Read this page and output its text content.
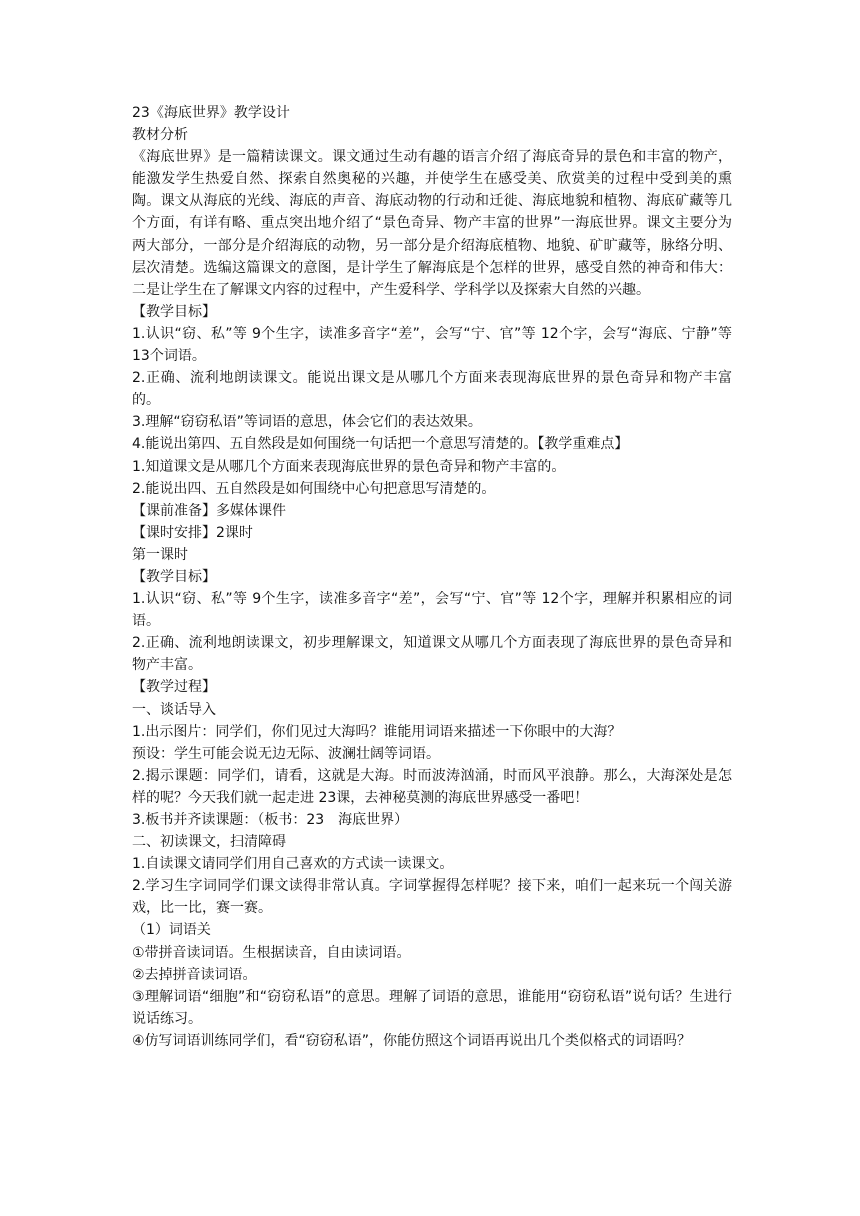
23《海底世界》教学设计

教材分析

《海底世界》是一篇精读课文。课文通过生动有趣的语言介绍了海底奇异的景色和丰富的物产，能激发学生热爱自然、探索自然奥秘的兴趣，并使学生在感受美、欣赏美的过程中受到美的熏陶。课文从海底的光线、海底的声音、海底动物的行动和迁徙、海底地貌和植物、海底矿藏等几个方面，有详有略、重点突出地介绍了“景色奇异、物产丰富的世界”一海底世界。课文主要分为两大部分，一部分是介绍海底的动物，另一部分是介绍海底植物、地貌、矿旷藏等，脉络分明、层次清楚。选编这篇课文的意图，是计学生了解海底是个怎样的世界，感受自然的神奇和伟大：二是让学生在了解课文内容的过程中，产生爱科学、学科学以及探索大自然的兴趣。

【教学目标】

1.认识“窃、私”等 9个生字，读准多音字“差”，会写“宁、官”等 12个字，会写“海底、宁静”等 13个词语。

2.正确、流利地朗读课文。能说出课文是从哪几个方面来表现海底世界的景色奇异和物产丰富的。

3.理解“窃窃私语”等词语的意思，体会它们的表达效果。

4.能说出第四、五自然段是如何围绕一句话把一个意思写清楚的。【教学重难点】

1.知道课文是从哪几个方面来表现海底世界的景色奇异和物产丰富的。

2.能说出四、五自然段是如何围绕中心句把意思写清楚的。

【课前准备】多媒体课件

【课时安排】2课时

第一课时

【教学目标】

1.认识“窃、私”等 9个生字，读准多音字“差”，会写“宁、官”等 12个字，理解并积累相应的词语。

2.正确、流利地朗读课文，初步理解课文，知道课文从哪几个方面表现了海底世界的景色奇异和物产丰富。

【教学过程】

一、谈话导入

1.出示图片：同学们，你们见过大海吗？谁能用词语来描述一下你眼中的大海？

预设：学生可能会说无边无际、波澜壮阔等词语。

2.揭示课题：同学们，请看，这就是大海。时而波涛汹涌，时而风平浪静。那么，大海深处是怎样的呢？今天我们就一起走进 23课，去神秘莫测的海底世界感受一番吧！

3.板书并齐读课题：（板书：23　海底世界）

二、初读课文，扫清障碍

1.自读课文请同学们用自己喜欢的方式读一读课文。

2.学习生字词同学们课文读得非常认真。字词掌握得怎样呢？接下来，咱们一起来玩一个闯关游戏，比一比，赛一赛。

（1）词语关

①带拼音读词语。生根据读音，自由读词语。

②去掉拼音读词语。

③理解词语“细胞”和“窃窃私语”的意思。理解了词语的意思，谁能用“窃窃私语”说句话？生进行说话练习。

④仿写词语训练同学们，看“窃窃私语”，你能仿照这个词语再说出几个类似格式的词语吗？
